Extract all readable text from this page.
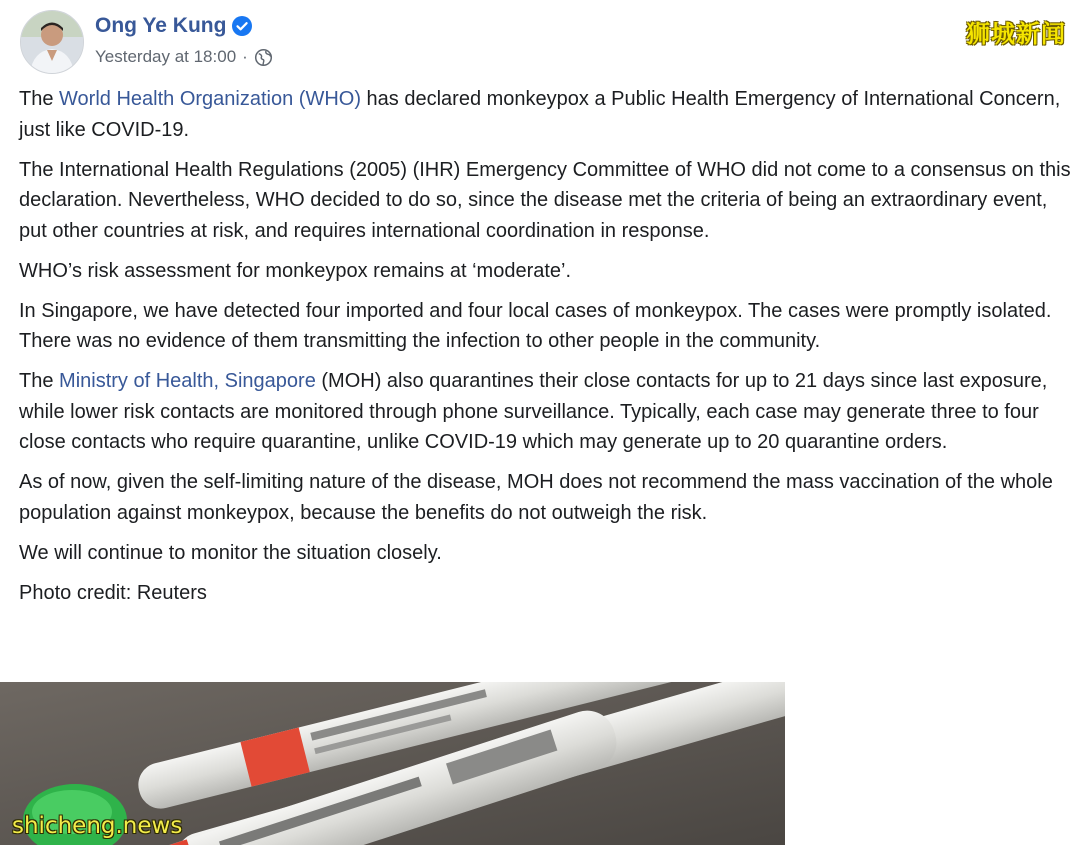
Ong Ye Kung
Yesterday at 18:00 ·
狮城新闻

The World Health Organization (WHO) has declared monkeypox a Public Health Emergency of International Concern, just like COVID-19.

The International Health Regulations (2005) (IHR) Emergency Committee of WHO did not come to a consensus on this declaration. Nevertheless, WHO decided to do so, since the disease met the criteria of being an extraordinary event, put other countries at risk, and requires international coordination in response.

WHO’s risk assessment for monkeypox remains at ‘moderate’.

In Singapore, we have detected four imported and four local cases of monkeypox. The cases were promptly isolated. There was no evidence of them transmitting the infection to other people in the community.

The Ministry of Health, Singapore (MOH) also quarantines their close contacts for up to 21 days since last exposure, while lower risk contacts are monitored through phone surveillance. Typically, each case may generate three to four close contacts who require quarantine, unlike COVID-19 which may generate up to 20 quarantine orders.

As of now, given the self-limiting nature of the disease, MOH does not recommend the mass vaccination of the whole population against monkeypox, because the benefits do not outweigh the risk.

We will continue to monitor the situation closely.

Photo credit: Reuters

shicheng.news
